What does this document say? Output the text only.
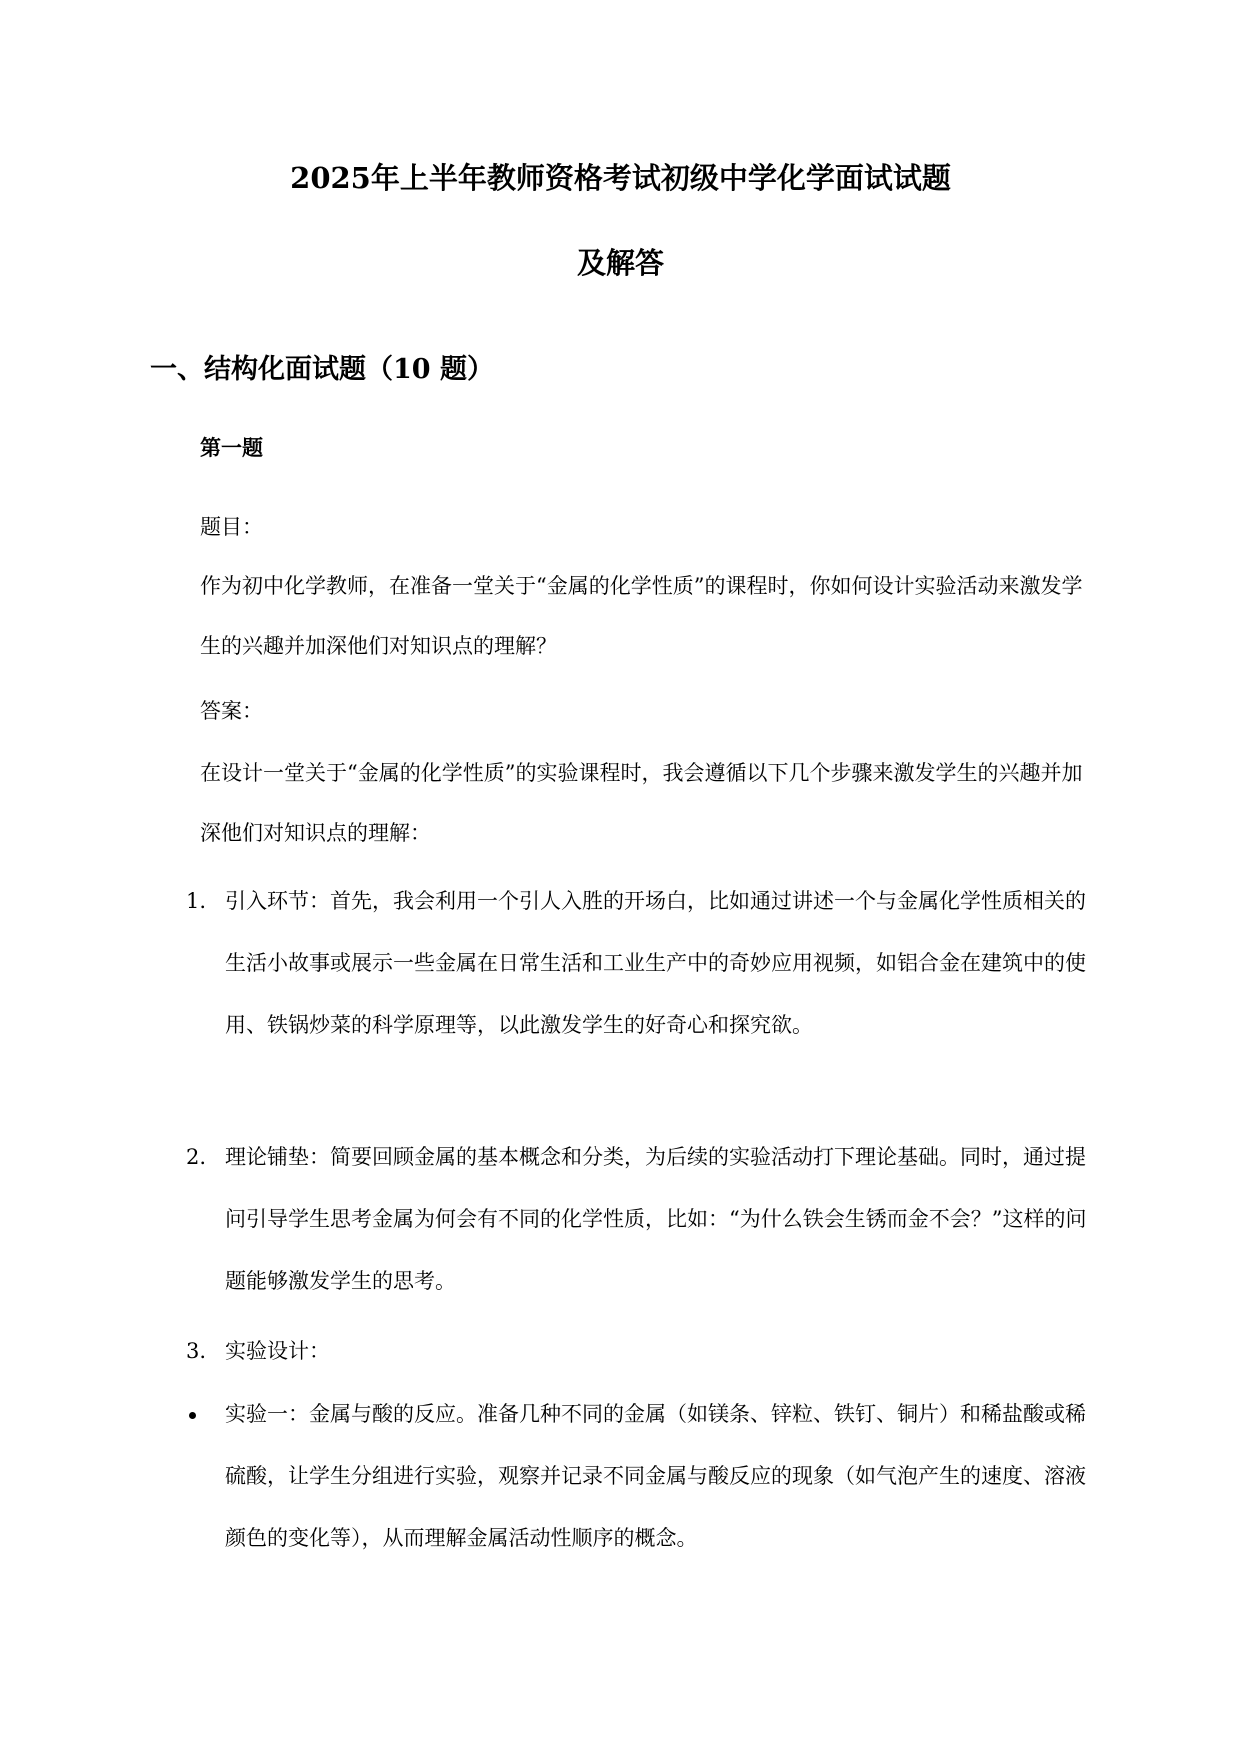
2025年上半年教师资格考试初级中学化学面试试题
及解答
一、结构化面试题（10 题）

第一题

题目：

作为初中化学教师，在准备一堂关于“金属的化学性质”的课程时，你如何设计实验活动来激发学生的兴趣并加深他们对知识点的理解？

答案：

在设计一堂关于“金属的化学性质”的实验课程时，我会遵循以下几个步骤来激发学生的兴趣并加深他们对知识点的理解：

1. 引入环节：首先，我会利用一个引人入胜的开场白，比如通过讲述一个与金属化学性质相关的生活小故事或展示一些金属在日常生活和工业生产中的奇妙应用视频，如铝合金在建筑中的使用、铁锅炒菜的科学原理等，以此激发学生的好奇心和探究欲。
2. 理论铺垫：简要回顾金属的基本概念和分类，为后续的实验活动打下理论基础。同时，通过提问引导学生思考金属为何会有不同的化学性质，比如：“为什么铁会生锈而金不会？”这样的问题能够激发学生的思考。
3. 实验设计：
实验一：金属与酸的反应。准备几种不同的金属（如镁条、锌粒、铁钉、铜片）和稀盐酸或稀硫酸，让学生分组进行实验，观察并记录不同金属与酸反应的现象（如气泡产生的速度、溶液颜色的变化等），从而理解金属活动性顺序的概念。
